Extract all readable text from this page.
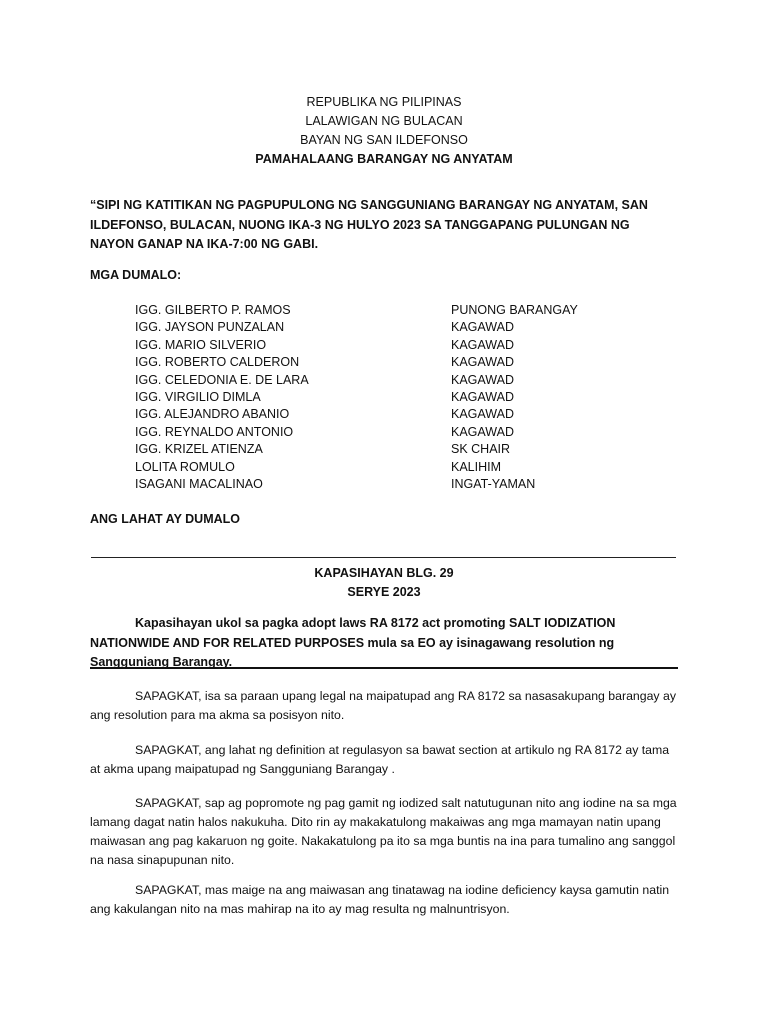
REPUBLIKA NG PILIPINAS
LALAWIGAN NG BULACAN
BAYAN NG SAN ILDEFONSO
PAMAHALAANG BARANGAY NG ANYATAM
“SIPI NG KATITIKAN NG PAGPUPULONG NG SANGGUNIANG BARANGAY NG ANYATAM, SAN ILDEFONSO, BULACAN, NUONG IKA-3 NG HULYO 2023 SA TANGGAPANG PULUNGAN NG NAYON GANAP NA IKA-7:00 NG GABI.
MGA DUMALO:
IGG. GILBERTO P. RAMOS	PUNONG BARANGAY
IGG. JAYSON PUNZALAN	KAGAWAD
IGG. MARIO SILVERIO	KAGAWAD
IGG. ROBERTO CALDERON	KAGAWAD
IGG. CELEDONIA E. DE LARA	KAGAWAD
IGG. VIRGILIO DIMLA	KAGAWAD
IGG. ALEJANDRO ABANIO	KAGAWAD
IGG. REYNALDO ANTONIO	KAGAWAD
IGG. KRIZEL ATIENZA	SK CHAIR
LOLITA ROMULO	KALIHIM
ISAGANI MACALINAO	INGAT-YAMAN
ANG LAHAT AY DUMALO
KAPASIHAYAN BLG. 29
SERYE 2023
Kapasihayan ukol sa pagka adopt laws RA 8172 act promoting SALT IODIZATION NATIONWIDE AND FOR RELATED PURPOSES mula sa EO ay isinagawang resolution ng Sangguniang Barangay.
SAPAGKAT, isa sa paraan upang legal na maipatupad ang RA 8172 sa nasasakupang barangay ay ang resolution para ma akma sa posisyon nito.
SAPAGKAT, ang lahat ng definition at regulasyon sa bawat section at artikulo ng RA 8172 ay tama at akma upang maipatupad ng Sangguniang Barangay .
SAPAGKAT, sap ag popromote ng pag gamit ng iodized salt natutugunan nito ang iodine na sa mga lamang dagat natin halos nakukuha. Dito rin ay makakatulong makaiwas ang mga mamayan natin upang maiwasan ang pag kakaruon ng goite. Nakakatulong pa ito sa mga buntis na ina para tumalino ang sanggol na nasa sinapupunan nito.
SAPAGKAT, mas maige na ang maiwasan ang tinatawag na iodine deficiency kaysa gamutin natin ang kakulangan nito na mas mahirap na ito ay mag resulta ng malnuntrisyon.
